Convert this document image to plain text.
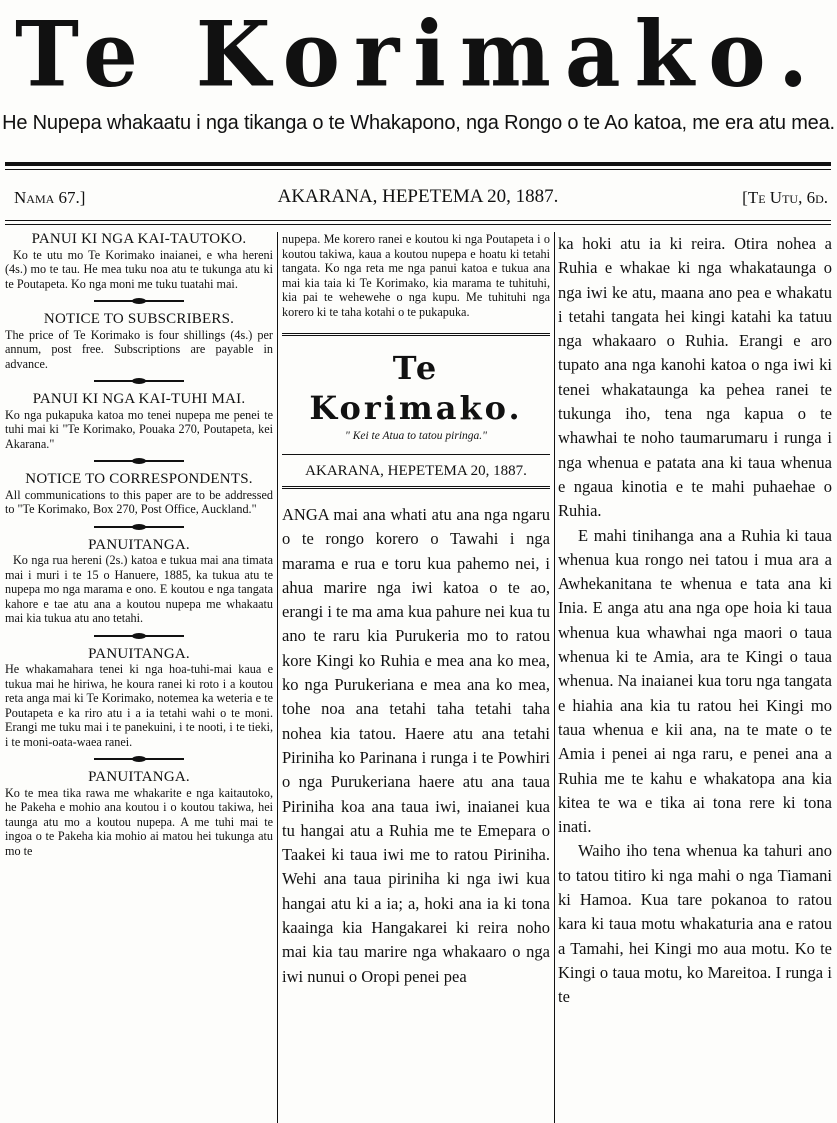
Te Korimako.
He Nupepa whakaatu i nga tikanga o te Whakapono, nga Rongo o te Ao katoa, me era atu mea.
Nama 67.]	AKARANA, HEPETEMA 20, 1887.	[Te Utu, 6d.
PANUI KI NGA KAI-TAUTOKO.

Ko te utu mo Te Korimako inaianei, e wha hereni (4s.) mo te tau. He mea tuku noa atu te tukunga atu ki te Poutapeta. Ko nga moni me tuku tuatahi mai.

NOTICE TO SUBSCRIBERS.

The price of Te Korimako is four shillings (4s.) per annum, post free. Subscriptions are payable in advance.

PANUI KI NGA KAI-TUHI MAI.

Ko nga pukapuka katoa mo tenei nupepa me penei te tuhi mai ki "Te Korimako, Pouaka 270, Poutapeta, kei Akarana."

NOTICE TO CORRESPONDENTS.

All communications to this paper are to be addressed to "Te Korimako, Box 270, Post Office, Auckland."

PANUITANGA.

Ko nga rua hereni (2s.) katoa e tukua mai ana timata mai i muri i te 15 o Hanuere, 1885, ka tukua atu te nupepa mo nga marama e ono. E koutou e nga tangata kahore e tae atu ana a koutou nupepa me whakaatu mai kia tukua atu ano tetahi.

PANUITANGA.

He whakamahara tenei ki nga hoa-tuhi-mai kaua e tukua mai he hiriwa, he koura ranei ki roto i a koutou reta anga mai ki Te Korimako, notemea ka weteria e te Poutapeta e ka riro atu i a ia tetahi wahi o te moni. Erangi me tuku mai i te panekuini, i te nooti, i te tieki, i te moni-oata-waea ranei.

PANUITANGA.

Ko te mea tika rawa me whakarite e nga kaitautoko, he Pakeha e mohio ana koutou i o koutou takiwa, hei taunga atu mo a koutou nupepa. A me tuhi mai te ingoa o te Pakeha kia mohio ai matou hei tukunga atu mo te

nupepa. Me korero ranei e koutou ki nga Poutapeta i o koutou takiwa, kaua a koutou nupepa e hoatu ki tetahi tangata. Ko nga reta me nga panui katoa e tukua ana mai kia taia ki Te Korimako, kia marama te tuhituhi, kia pai te wehewehe o nga kupu. Me tuhituhi nga korero ki te taha kotahi o te pukapuka.
Te Korimako.
" Kei te Atua to tatou piringa."
AKARANA, HEPETEMA 20, 1887.
ANGA mai ana whati atu ana nga ngaru o te rongo korero o Tawahi i nga marama e rua e toru kua pahemo nei, i ahua marire nga iwi katoa o te ao, erangi i te ma ama kua pahure nei kua tu ano te raru kia Purukeria mo to ratou kore Kingi ko Ruhia e mea ana ko mea, ko nga Purukeriana e mea ana ko mea, tohe noa ana tetahi taha tetahi taha nohea kia tatou. Haere atu ana tetahi Piriniha ko Parinana i runga i te Powhiri o nga Purukeriana haere atu ana taua Piriniha koa ana taua iwi, inaianei kua tu hangai atu a Ruhia me te Emepara o Taakei ki taua iwi me to ratou Piriniha. Wehi ana taua piriniha ki nga iwi kua hangai atu ki a ia; a, hoki ana ia ki tona kaainga kia Hangakarei ki reira noho mai kia tau marire nga whakaaro o nga iwi nunui o Oropi penei pea

ka hoki atu ia ki reira. Otira nohea a Ruhia e whakae ki nga whakataunga o nga iwi ke atu, maana ano pea e whakatu i tetahi tangata hei kingi katahi ka tatuu nga whakaaro o Ruhia. Erangi e aro tupato ana nga kanohi katoa o nga iwi ki tenei whakataunga ka pehea ranei te tukunga iho, tena nga kapua o te whawhai te noho taumarumaru i runga i nga whenua e patata ana ki taua whenua e ngaua kinotia e te mahi puhaehae o Ruhia.

E mahi tinihanga ana a Ruhia ki taua whenua kua rongo nei tatou i mua ara a Awhekanitana te whenua e tata ana ki Inia. E anga atu ana nga ope hoia ki taua whenua kua whawhai nga maori o taua whenua ki te Amia, ara te Kingi o taua whenua. Na inaianei kua toru nga tangata e hiahia ana kia tu ratou hei Kingi mo taua whenua e kii ana, na te mate o te Amia i penei ai nga raru, e penei ana a Ruhia me te kahu e whakatopa ana kia kitea te wa e tika ai tona rere ki tona inati.

Waiho iho tena whenua ka tahuri ano to tatou titiro ki nga mahi o nga Tiamani ki Hamoa. Kua tare pokanoa to ratou kara ki taua motu whakaturia ana e ratou a Tamahi, hei Kingi mo aua motu. Ko te Kingi o taua motu, ko Mareitoa. I runga i te
